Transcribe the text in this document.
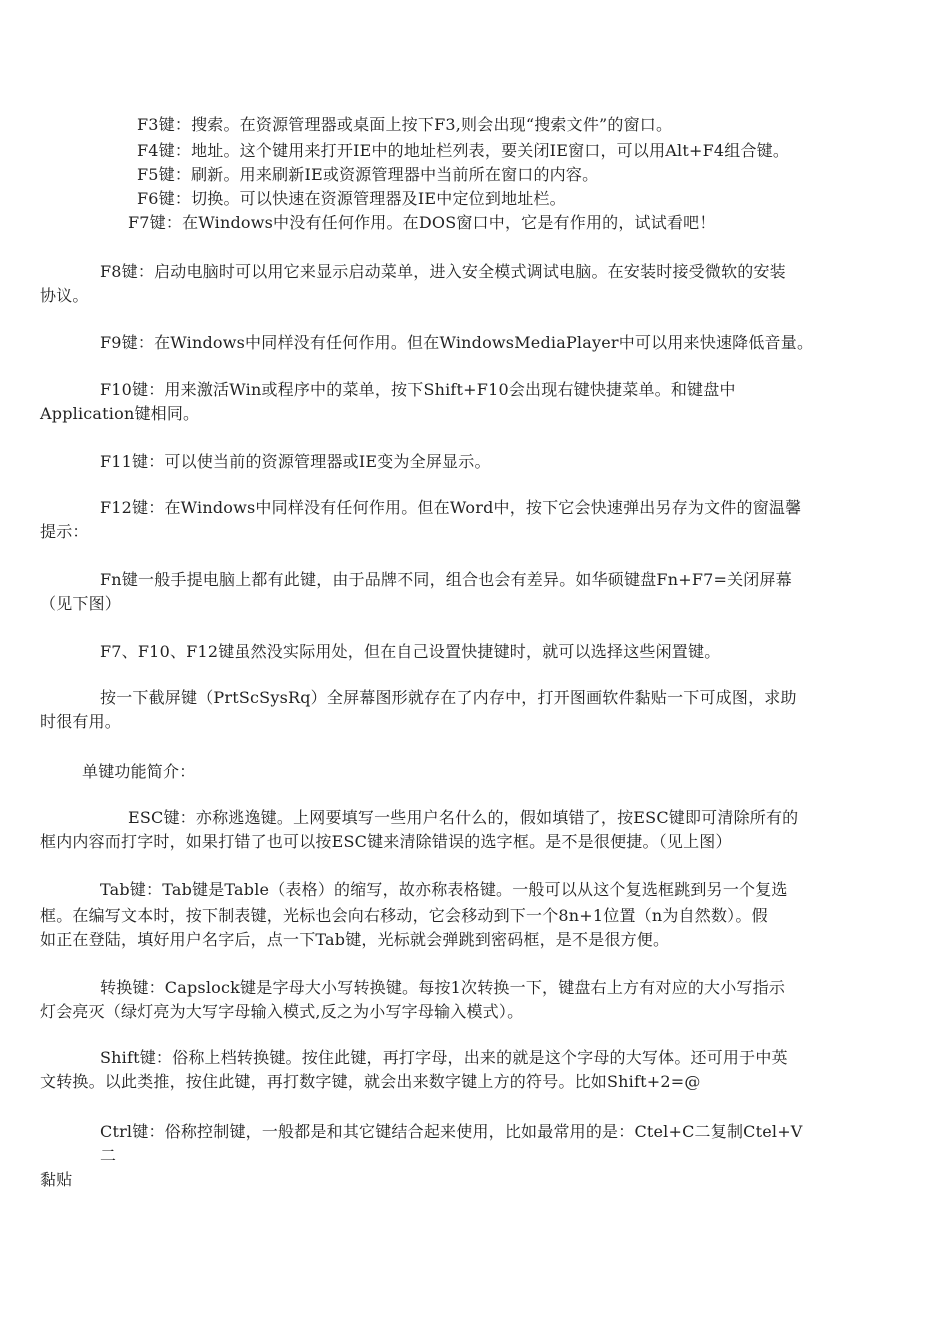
F3键：搜索。在资源管理器或桌面上按下F3,则会出现“搜索文件”的窗口。
F4键：地址。这个键用来打开IE中的地址栏列表，要关闭IE窗口，可以用Alt+F4组合键。
F5键：刷新。用来刷新IE或资源管理器中当前所在窗口的内容。
F6键：切换。可以快速在资源管理器及IE中定位到地址栏。
F7键：在Windows中没有任何作用。在DOS窗口中，它是有作用的，试试看吧！
F8键：启动电脑时可以用它来显示启动菜单，进入安全模式调试电脑。在安装时接受微软的安装
协议。
F9键：在Windows中同样没有任何作用。但在WindowsMediaPlayer中可以用来快速降低音量。
F10键：用来激活Win或程序中的菜单，按下Shift+F10会出现右键快捷菜单。和键盘中
Application键相同。
F11键：可以使当前的资源管理器或IE变为全屏显示。
F12键：在Windows中同样没有任何作用。但在Word中，按下它会快速弹出另存为文件的窗温馨
提示：
Fn键一般手提电脑上都有此键，由于品牌不同，组合也会有差异。如华硕键盘Fn+F7=关闭屏幕
（见下图）
F7、F10、F12键虽然没实际用处，但在自己设置快捷键时，就可以选择这些闲置键。
按一下截屏键（PrtScSysRq）全屏幕图形就存在了内存中，打开图画软件黏贴一下可成图，求助
时很有用。
单键功能简介：
ESC键：亦称逃逸键。上网要填写一些用户名什么的，假如填错了，按ESC键即可清除所有的
框内内容而打字时，如果打错了也可以按ESC键来清除错误的选字框。是不是很便捷。（见上图）
Tab键：Tab键是Table（表格）的缩写，故亦称表格键。一般可以从这个复选框跳到另一个复选
框。在编写文本时，按下制表键，光标也会向右移动，它会移动到下一个8n+1位置（n为自然数）。假
如正在登陆，填好用户名字后，点一下Tab键，光标就会弹跳到密码框，是不是很方便。
转换键：Capslock键是字母大小写转换键。每按1次转换一下，键盘右上方有对应的大小写指示
灯会亮灭（绿灯亮为大写字母输入模式,反之为小写字母输入模式）。
Shift键：俗称上档转换键。按住此键，再打字母，出来的就是这个字母的大写体。还可用于中英
文转换。以此类推，按住此键，再打数字键，就会出来数字键上方的符号。比如Shift+2=@
Ctrl键：俗称控制键，一般都是和其它键结合起来使用，比如最常用的是：Ctel+C二复制Ctel+V
二
黏贴
